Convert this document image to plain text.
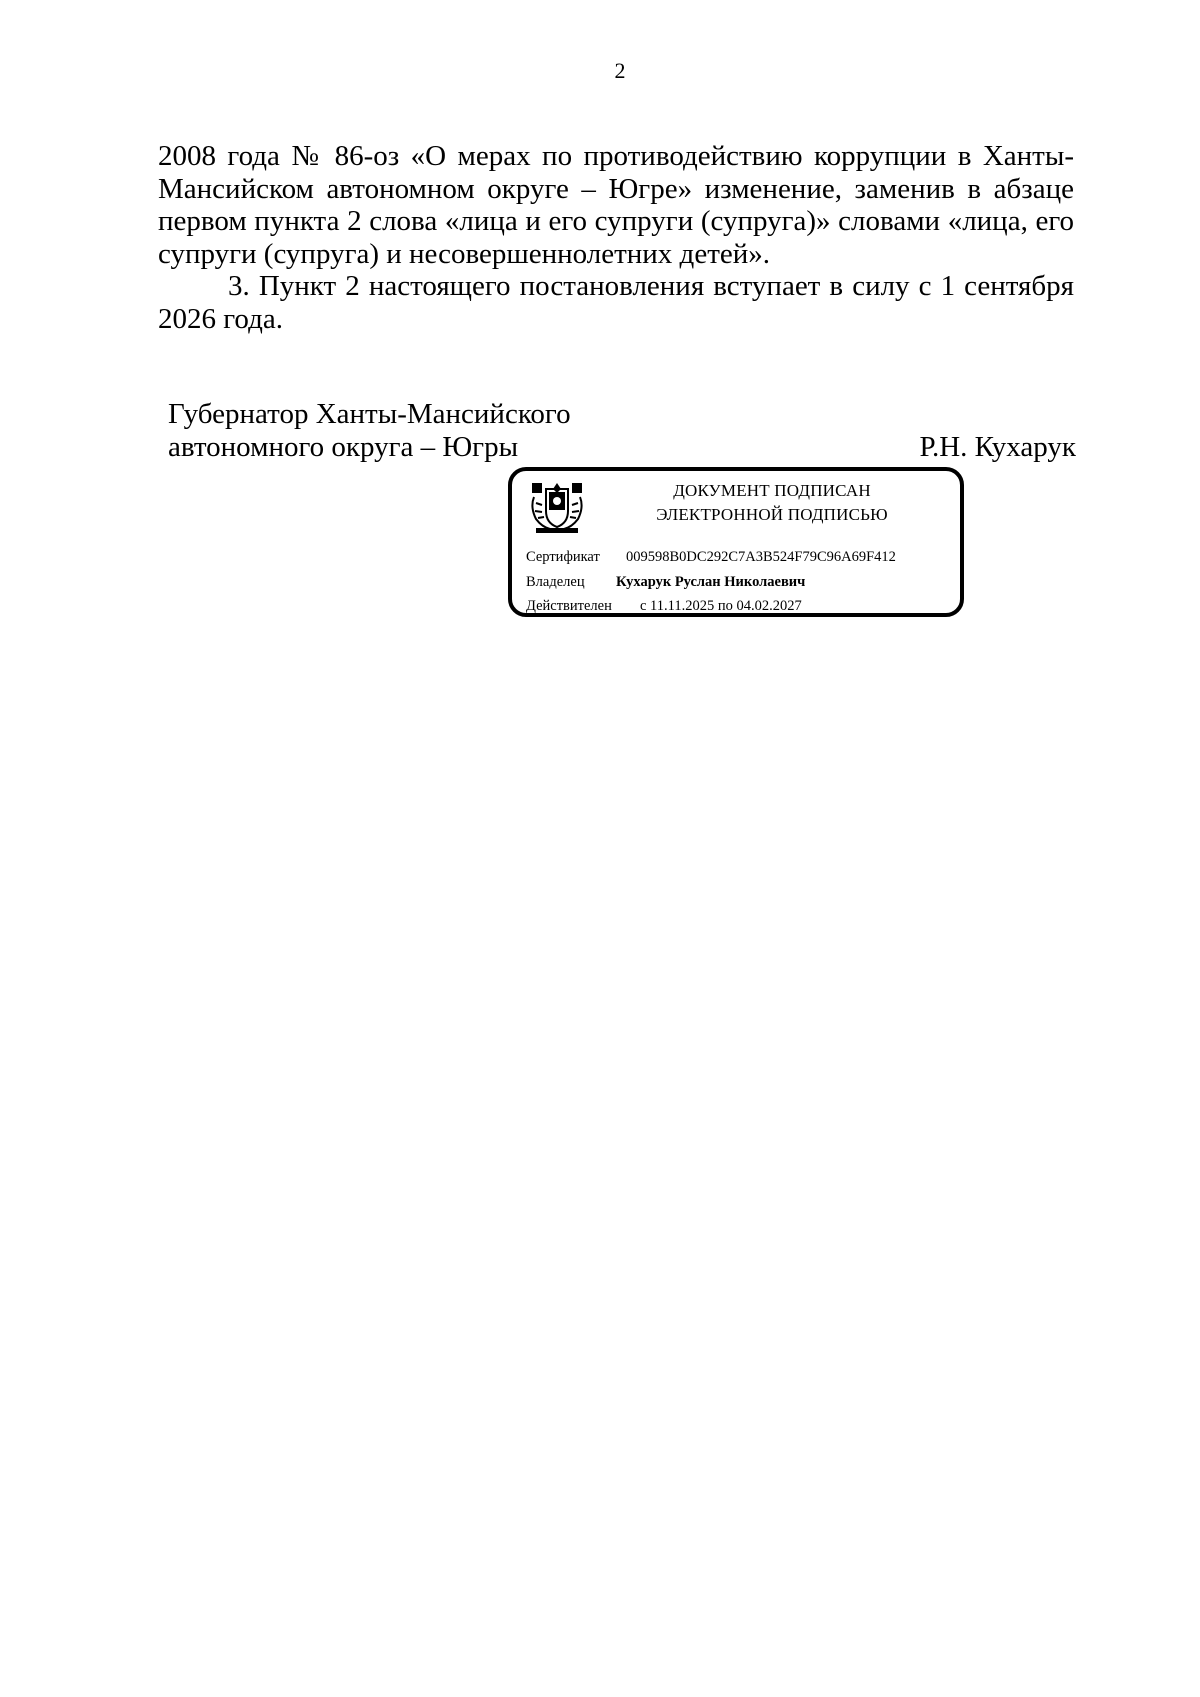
2

2008 года № 86-оз «О мерах по противодействию коррупции в Ханты-Мансийском автономном округе – Югре» изменение, заменив в абзаце первом пункта 2 слова «лица и его супруги (супруга)» словами «лица, его супруги (супруга) и несовершеннолетних детей».

3. Пункт 2 настоящего постановления вступает в силу с 1 сентября 2026 года.

Губернатор Ханты-Мансийского
автономного округа – Югры	Р.Н. Кухарук
ДОКУМЕНТ ПОДПИСАН
ЭЛЕКТРОННОЙ ПОДПИСЬЮ
Сертификат 009598B0DC292C7A3B524F79C96A69F412
Владелец Кухарук Руслан Николаевич
Действителен с 11.11.2025 по 04.02.2027
